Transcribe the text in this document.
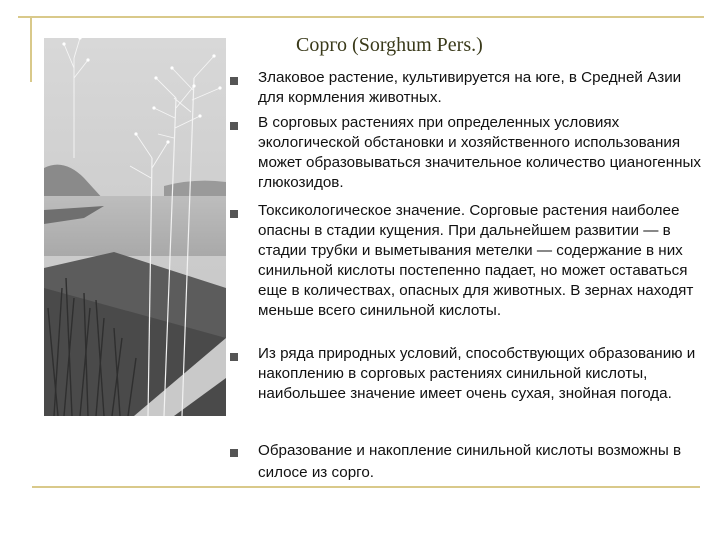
Сорго (Sorghum Pers.)
Злаковое растение, культивируется на юге, в Средней Азии для кормления животных.
В сорговых растениях при определенных условиях экологической обстановки и хозяйственного использования может образовываться значительное количество цианогенных глюкозидов.
Токсикологическое значение. Сорговые растения наиболее опасны в стадии кущения. При дальнейшем развитии — в стадии трубки и выметывания метелки — содержание в них синильной кислоты постепенно падает, но может оставаться еще в количествах, опасных для животных. В зернах находят меньше всего синильной кислоты.
Из ряда природных условий, способствующих образованию и накоплению в сорговых растениях синильной кислоты, наибольшее значение имеет очень сухая, знойная погода.
Образование и накопление синильной кислоты возможны в силосе из сорго.
